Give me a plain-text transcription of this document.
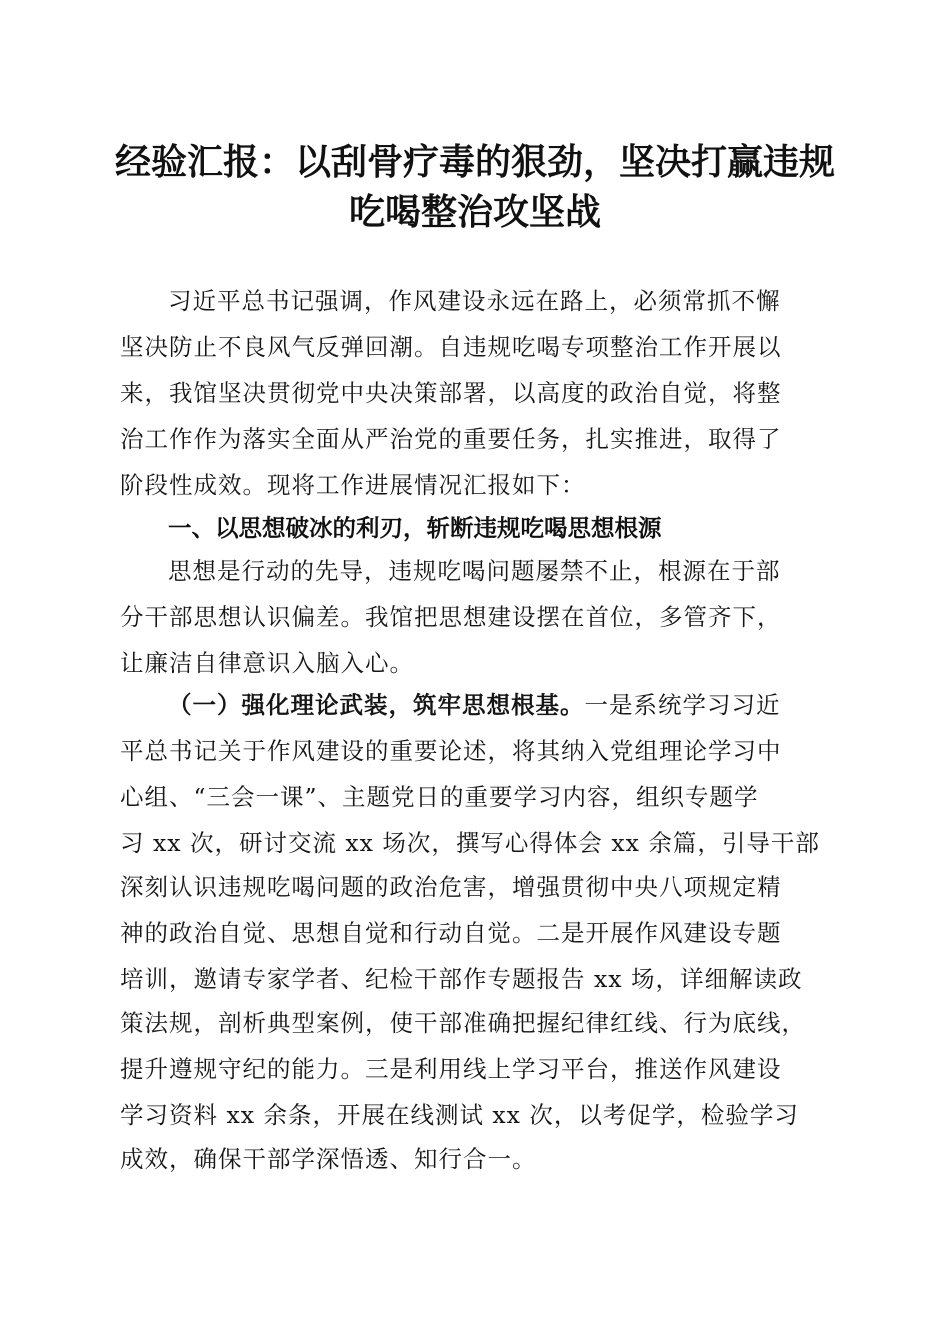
经验汇报：以刮骨疗毒的狠劲，坚决打赢违规
吃喝整治攻坚战
习近平总书记强调，作风建设永远在路上，必须常抓不懈
坚决防止不良风气反弹回潮。自违规吃喝专项整治工作开展以
来，我馆坚决贯彻党中央决策部署，以高度的政治自觉，将整
治工作作为落实全面从严治党的重要任务，扎实推进，取得了
阶段性成效。现将工作进展情况汇报如下：
一、以思想破冰的利刃，斩断违规吃喝思想根源
思想是行动的先导，违规吃喝问题屡禁不止，根源在于部
分干部思想认识偏差。我馆把思想建设摆在首位，多管齐下，
让廉洁自律意识入脑入心。
（一）强化理论武装，筑牢思想根基。一是系统学习习近
平总书记关于作风建设的重要论述，将其纳入党组理论学习中
心组、“三会一课”、主题党日的重要学习内容，组织专题学
习 xx 次，研讨交流 xx 场次，撰写心得体会 xx 余篇，引导干部
深刻认识违规吃喝问题的政治危害，增强贯彻中央八项规定精
神的政治自觉、思想自觉和行动自觉。二是开展作风建设专题
培训，邀请专家学者、纪检干部作专题报告 xx 场，详细解读政
策法规，剖析典型案例，使干部准确把握纪律红线、行为底线，
提升遵规守纪的能力。三是利用线上学习平台，推送作风建设
学习资料 xx 余条，开展在线测试 xx 次，以考促学，检验学习
成效，确保干部学深悟透、知行合一。
